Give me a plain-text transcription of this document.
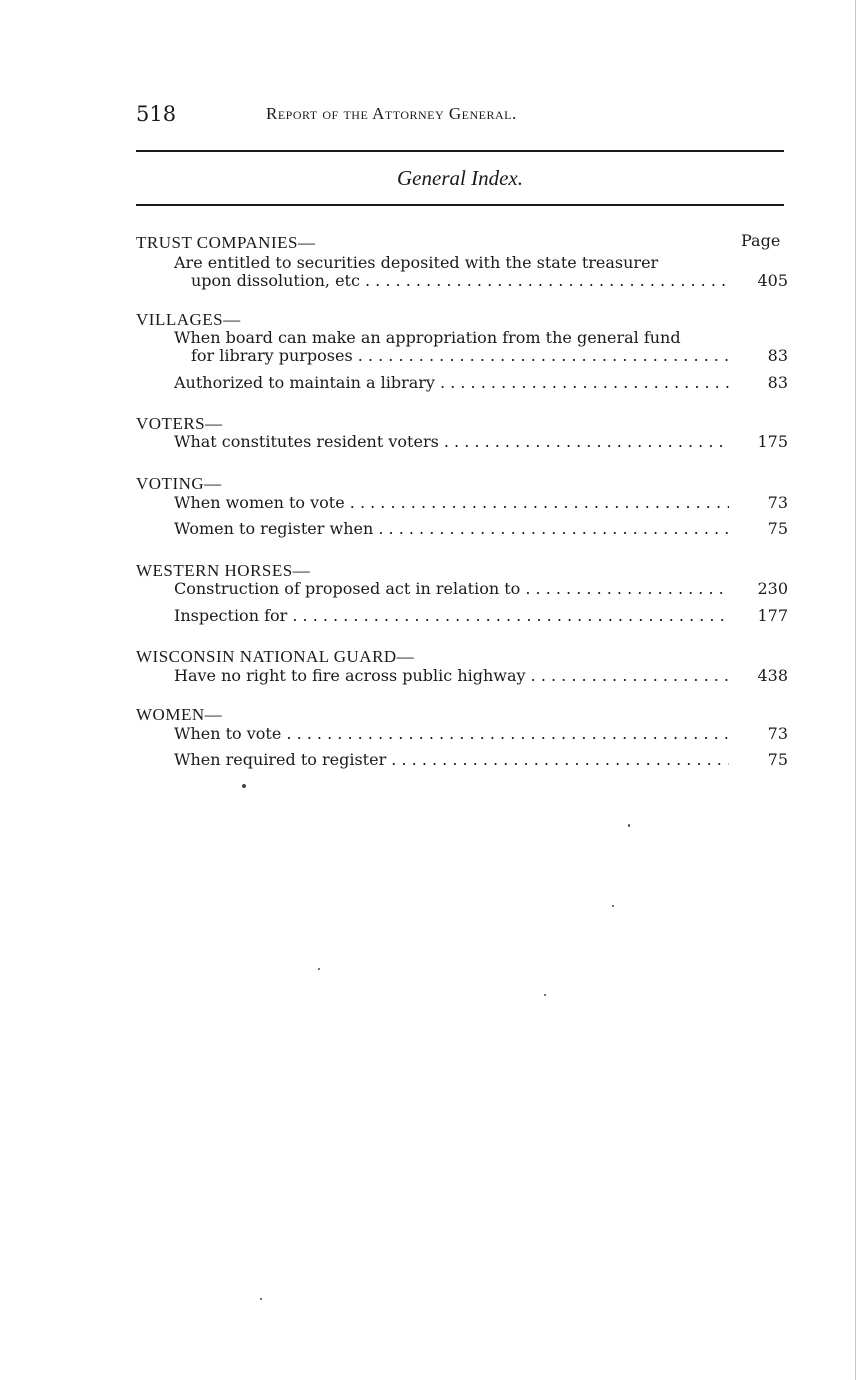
518	Report of the Attorney General.
General Index.
Page
TRUST COMPANIES—
Are entitled to securities deposited with the state treasurer
upon dissolution, etc . . .	405
VILLAGES—
When board can make an appropriation from the general fund
for library purposes . . .	83
Authorized to maintain a library . . .	83
VOTERS—
What constitutes resident voters . . .	175
VOTING—
When women to vote . . .	73
Women to register when . . .	75
WESTERN HORSES—
Construction of proposed act in relation to . . .	230
Inspection for . . .	177
WISCONSIN NATIONAL GUARD—
Have no right to fire across public highway . . .	438
WOMEN—
When to vote . . .	73
When required to register . . .	75
